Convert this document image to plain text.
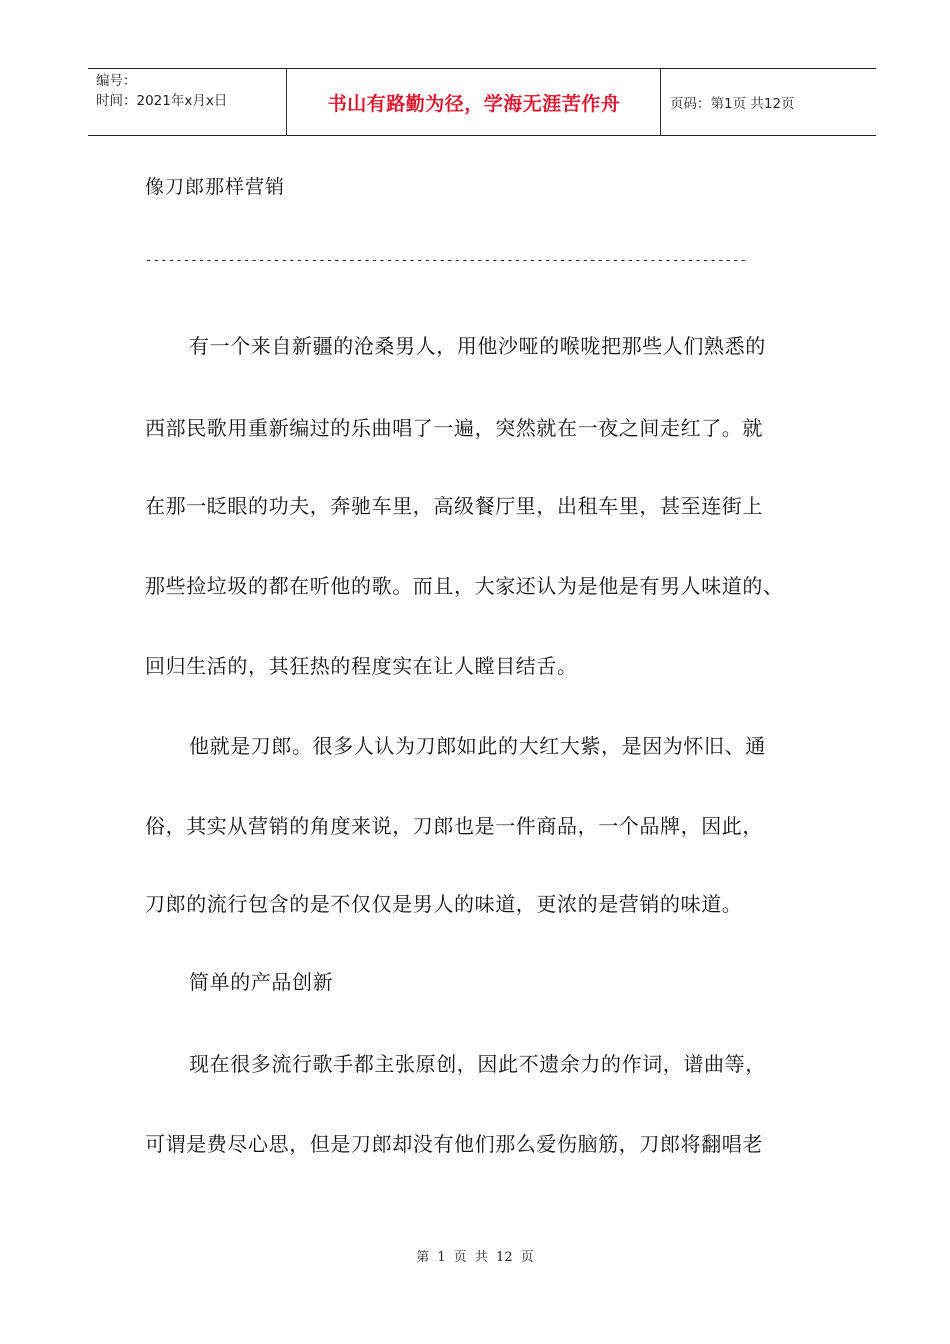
编号：
时间：2021年x月x日	书山有路勤为径，学海无涯苦作舟	页码：第1页 共12页
像刀郎那样营销
--------------------------------------------------------------------------------
有一个来自新疆的沧桑男人，用他沙哑的喉咙把那些人们熟悉的
西部民歌用重新编过的乐曲唱了一遍，突然就在一夜之间走红了。就
在那一眨眼的功夫，奔驰车里，高级餐厅里，出租车里，甚至连街上
那些捡垃圾的都在听他的歌。而且，大家还认为是他是有男人味道的、
回归生活的，其狂热的程度实在让人瞠目结舌。
他就是刀郎。很多人认为刀郎如此的大红大紫，是因为怀旧、通
俗，其实从营销的角度来说，刀郎也是一件商品，一个品牌，因此，
刀郎的流行包含的是不仅仅是男人的味道，更浓的是营销的味道。
简单的产品创新
现在很多流行歌手都主张原创，因此不遗余力的作词，谱曲等，
可谓是费尽心思，但是刀郎却没有他们那么爱伤脑筋，刀郎将翻唱老
第 1 页 共 12 页
